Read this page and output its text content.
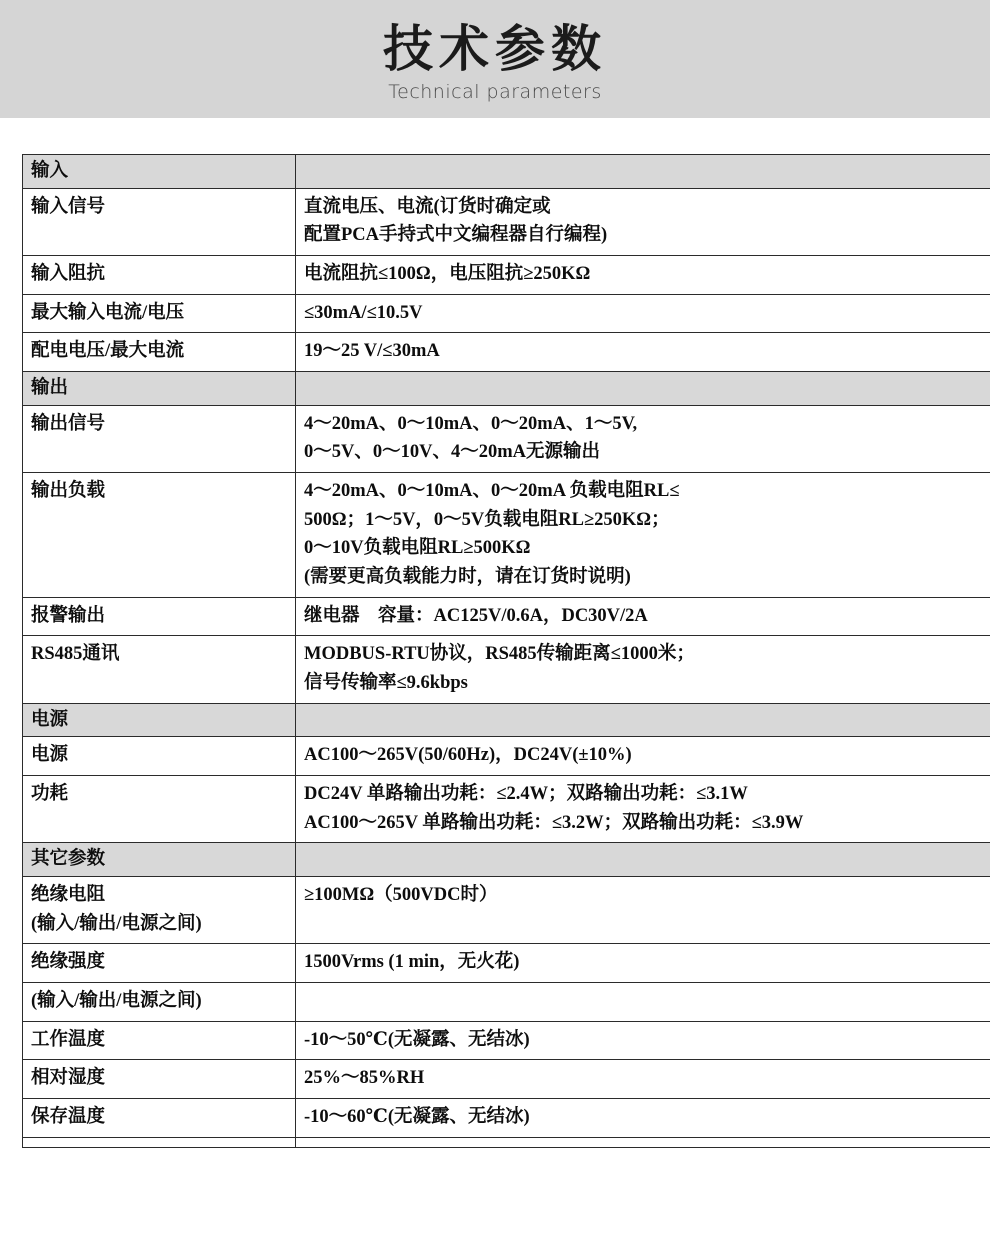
技术参数
Technical parameters
输入	
输入信号	直流电压、电流(订货时确定或
配置PCA手持式中文编程器自行编程)

输入阻抗	电流阻抗≤100Ω，电压阻抗≥250KΩ

最大输入电流/电压	≤30mA/≤10.5V

配电电压/最大电流	19～25 V/≤30mA

输出	
输出信号	4～20mA、0～10mA、0～20mA、1～5V,
0～5V、0～10V、4～20mA无源输出

输出负载	4～20mA、0～10mA、0～20mA 负载电阻RL≤
500Ω；1～5V，0～5V负载电阻RL≥250KΩ；
0～10V负载电阻RL≥500KΩ
(需要更高负载能力时，请在订货时说明)

报警输出	继电器　容量：AC125V/0.6A，DC30V/2A

RS485通讯	MODBUS-RTU协议，RS485传输距离≤1000米；
信号传输率≤9.6kbps

电源	
电源	AC100～265V(50/60Hz)，DC24V(±10%)

功耗	DC24V 单路输出功耗：≤2.4W；双路输出功耗：≤3.1W
AC100～265V 单路输出功耗：≤3.2W；双路输出功耗：≤3.9W

其它参数	

绝缘电阻
(输入/输出/电源之间)	≥100MΩ（500VDC时）

绝缘强度	1500Vrms (1 min，无火花)

(输入/输出/电源之间)	

工作温度	-10～50℃(无凝露、无结冰)

相对湿度	25%～85%RH

保存温度	-10～60℃(无凝露、无结冰)
